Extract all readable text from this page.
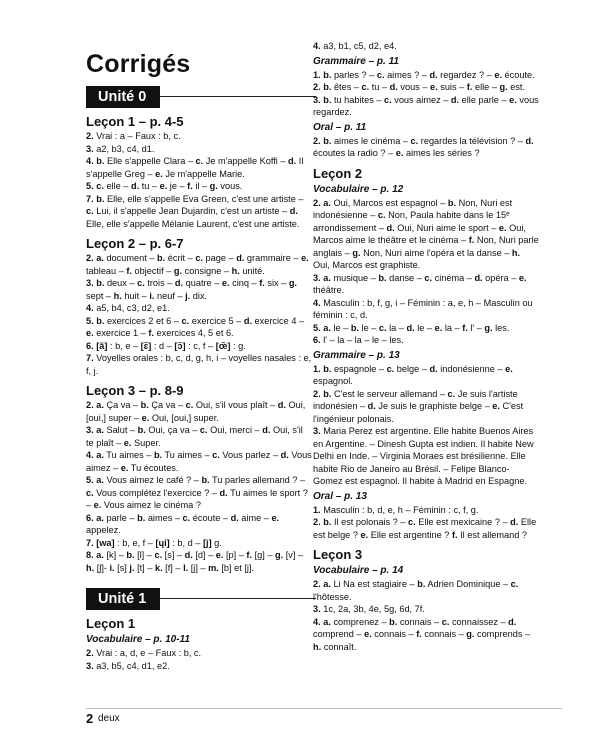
Corrigés
Unité 0
Leçon 1 – p. 4-5

2. Vrai : a – Faux : b, c.

3. a2, b3, c4, d1.

4. b. Elle s'appelle Clara – c. Je m'appelle Koffi – d. Il s'appelle Greg – e. Je m'appelle Marie.

5. c. elle – d. tu – e. je – f. il – g. vous.

7. b. Elle, elle s'appelle Eva Green, c'est une artiste – c. Lui, il s'appelle Jean Dujardin, c'est un artiste – d. Elle, elle s'appelle Mélanie Laurent, c'est une artiste.

Leçon 2 – p. 6-7

2. a. document – b. écrit – c. page – d. grammaire – e. tableau – f. objectif – g. consigne – h. unité.

3. b. deux – c. trois – d. quatre – e. cinq – f. six – g. sept – h. huit – i. neuf – j. dix.

4. a5, b4, c3, d2, e1.

5. b. exercices 2 et 6 – c. exercice 5 – d. exercice 4 – e. exercice 1 – f. exercices 4, 5 et 6.

6. [ã] : b, e – [ɛ̃] : d – [ɔ̃] : c, f – [œ̃] : g.

7. Voyelles orales : b, c, d, g, h, i – voyelles nasales : e, f, j.

Leçon 3 – p. 8-9

2. a. Ça va – b. Ça va – c. Oui, s'il vous plaît – d. Oui, [oui,] super – e. Oui, [oui,] super.

3. a. Salut – b. Oui, ça va – c. Oui, merci – d. Oui, s'il te plaît – e. Super.

4. a. Tu aimes – b. Tu aimes – c. Vous parlez – d. Vous aimez – e. Tu écoutes.

5. a. Vous aimez le café ? – b. Tu parles allemand ? – c. Vous complétez l'exercice ? – d. Tu aimes le sport ? – e. Vous aimez le cinéma ?

6. a. parle – b. aimes – c. écoute – d. aime – e. appelez.

7. [wa] : b, e, f – [ɥi] : b, d – [j] g.

8. a. [k] – b. [l] – c. [s] – d. [d] – e. [p] – f. [g] – g. [v] – h. [ʃ]- i. [s] j. [t] – k. [f] – l. [j] – m. [b] et [j].

Unité 1
Leçon 1
Vocabulaire – p. 10-11

2. Vrai : a, d, e – Faux : b, c.

3. a3, b5, c4, d1, e2.

4. a3, b1, c5, d2, e4.

Grammaire – p. 11

1. b. parles ? – c. aimes ? – d. regardez ? – e. écoute.

2. b. êtes – c. tu – d. vous – e. suis – f. elle – g. est.

3. b. tu habites – c. vous aimez – d. elle parle – e. vous regardez.

Oral – p. 11

2. b. aimes le cinéma – c. regardes la télévision ? – d. écoutes la radio ? – e. aimes les séries ?

Leçon 2
Vocabulaire – p. 12

2. a. Oui, Marcos est espagnol – b. Non, Nuri est indonésienne – c. Non, Paula habite dans le 15ᵉ arrondissement – d. Oui, Nuri aime le sport – e. Oui, Marcos aime le théâtre et le cinéma – f. Non, Nuri parle anglais – g. Non, Nuri aime l'opéra et la danse – h. Oui, Marcos est graphiste.

3. a. musique – b. danse – c. cinéma – d. opéra – e. théâtre.

4. Masculin : b, f, g, i – Féminin : a, e, h – Masculin ou féminin : c, d.

5. a. le – b. le – c. la – d. le – e. la – f. l' – g. les.

6. l' – la – la – le – les.

Grammaire – p. 13

1. b. espagnole – c. belge – d. indonésienne – e. espagnol.

2. b. C'est le serveur allemand – c. Je suis l'artiste indonésien – d. Je suis le graphiste belge – e. C'est l'ingénieur polonais.

3. Maria Perez est argentine. Elle habite Buenos Aires en Argentine. – Dinesh Gupta est indien. Il habite New Delhi en Inde. – Virginia Moraes est brésilienne. Elle habite Rio de Janeiro au Brésil. – Felipe Blanco-Gomez est espagnol. Il habite à Madrid en Espagne.

Oral – p. 13

1. Masculin : b, d, e, h – Féminin : c, f, g.

2. b. Il est polonais ? – c. Elle est mexicaine ? – d. Elle est belge ? e. Elle est argentine ? f. Il est allemand ?

Leçon 3
Vocabulaire – p. 14

2. a. Li Na est stagiaire – b. Adrien Dominique – c. l'hôtesse.

3. 1c, 2a, 3b, 4e, 5g, 6d, 7f.

4. a. comprenez – b. connais – c. connaissez – d. comprend – e. connais – f. connais – g. comprends – h. connaît.

2 deux
